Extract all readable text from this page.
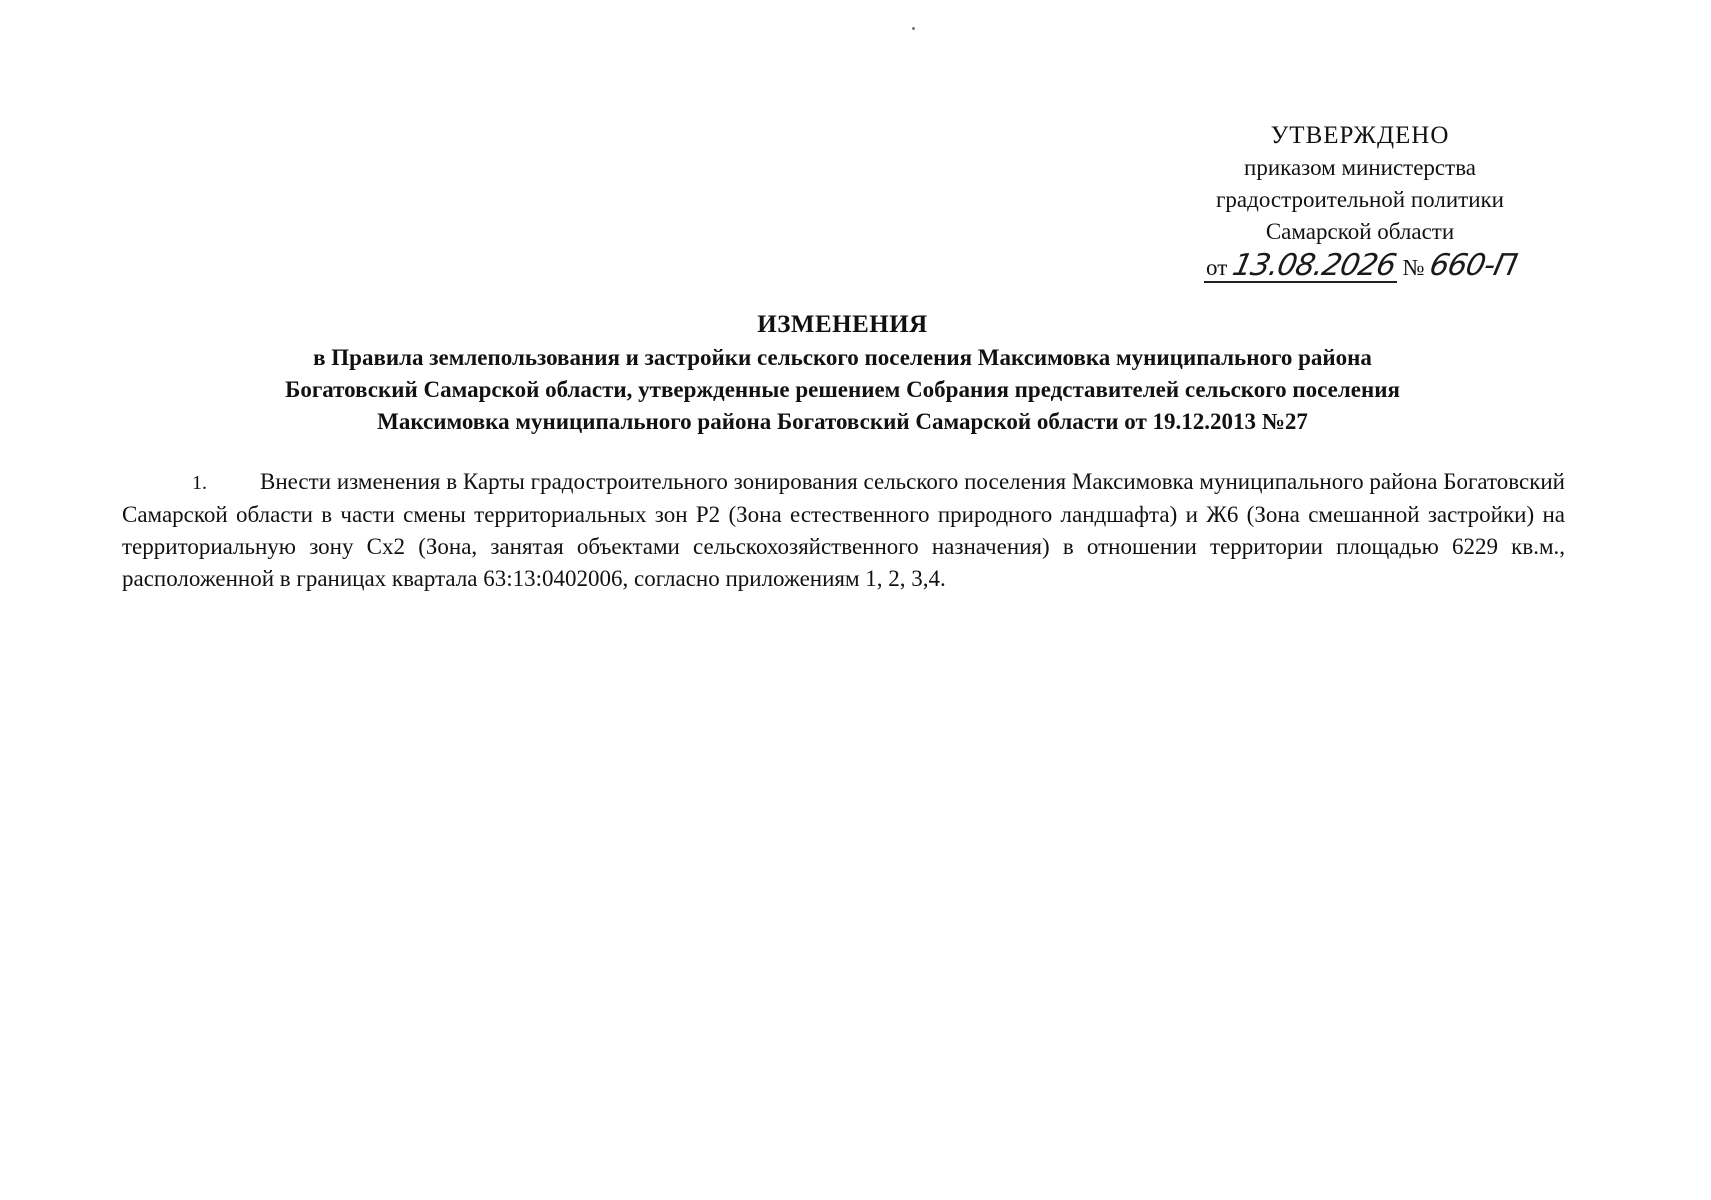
УТВЕРЖДЕНО
приказом министерства
градостроительной политики
Самарской области
от 13.08.2026 № 660-П
ИЗМЕНЕНИЯ
в Правила землепользования и застройки сельского поселения Максимовка муниципального района
Богатовский Самарской области, утвержденные решением Собрания представителей сельского поселения
Максимовка муниципального района Богатовский Самарской области от 19.12.2013 №27
1. Внести изменения в Карты градостроительного зонирования сельского поселения Максимовка муниципального района Богатовский Самарской области в части смены территориальных зон Р2 (Зона естественного природного ландшафта) и Ж6 (Зона смешанной застройки) на территориальную зону Сх2 (Зона, занятая объектами сельскохозяйственного назначения) в отношении территории площадью 6229 кв.м., расположенной в границах квартала 63:13:0402006, согласно приложениям 1, 2, 3,4.
